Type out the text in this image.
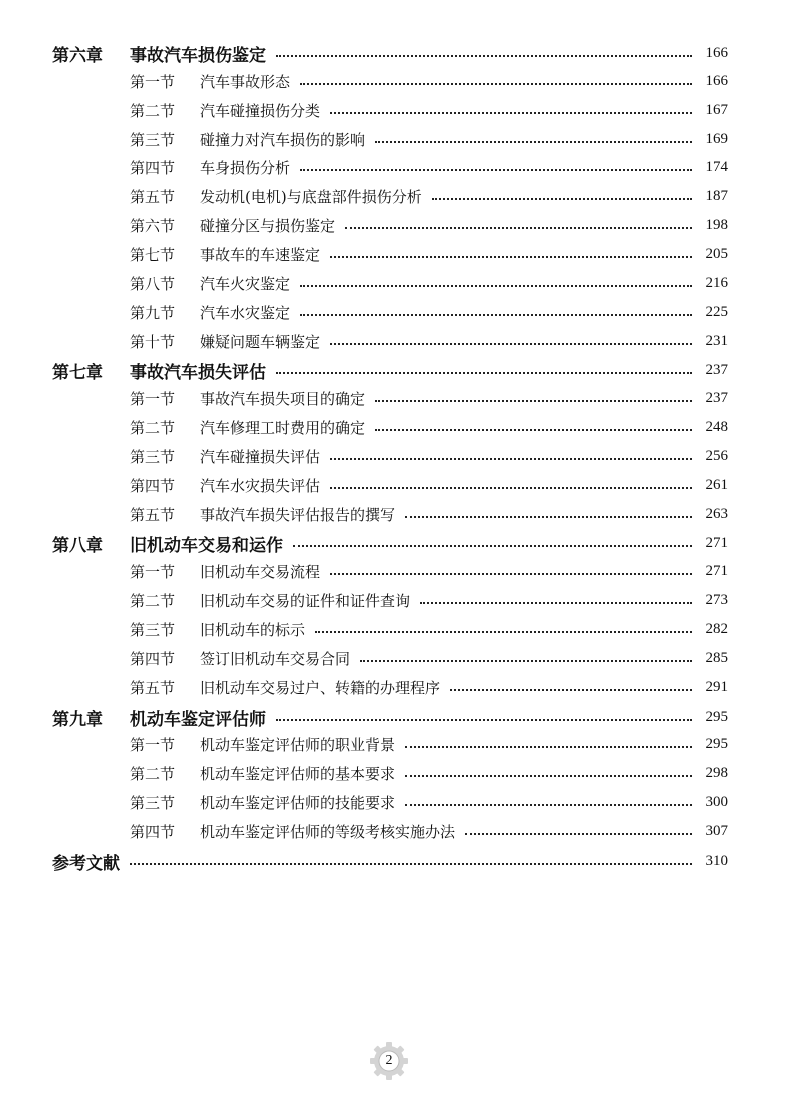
第六章	事故汽车损伤鉴定	166
第一节	汽车事故形态	166
第二节	汽车碰撞损伤分类	167
第三节	碰撞力对汽车损伤的影响	169
第四节	车身损伤分析	174
第五节	发动机(电机)与底盘部件损伤分析	187
第六节	碰撞分区与损伤鉴定	198
第七节	事故车的车速鉴定	205
第八节	汽车火灾鉴定	216
第九节	汽车水灾鉴定	225
第十节	嫌疑问题车辆鉴定	231
第七章	事故汽车损失评估	237
第一节	事故汽车损失项目的确定	237
第二节	汽车修理工时费用的确定	248
第三节	汽车碰撞损失评估	256
第四节	汽车水灾损失评估	261
第五节	事故汽车损失评估报告的撰写	263
第八章	旧机动车交易和运作	271
第一节	旧机动车交易流程	271
第二节	旧机动车交易的证件和证件查询	273
第三节	旧机动车的标示	282
第四节	签订旧机动车交易合同	285
第五节	旧机动车交易过户、转籍的办理程序	291
第九章	机动车鉴定评估师	295
第一节	机动车鉴定评估师的职业背景	295
第二节	机动车鉴定评估师的基本要求	298
第三节	机动车鉴定评估师的技能要求	300
第四节	机动车鉴定评估师的等级考核实施办法	307
参考文献	310
2
